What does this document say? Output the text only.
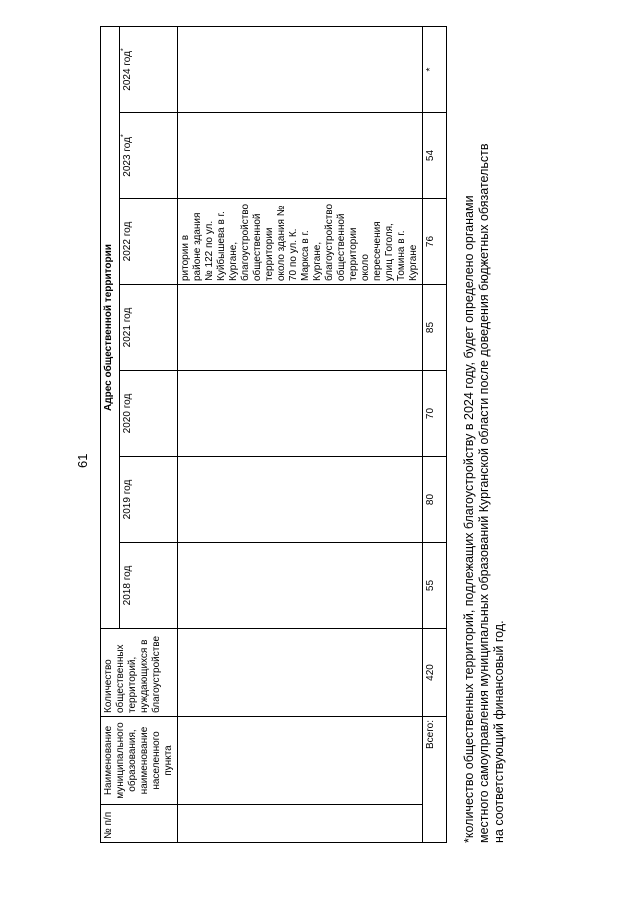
61
№ п/п	Наименование муниципального образования, наименование населенного пункта	Количество общественных территорий, нуждающихся в благоустройстве	Адрес общественной территории						
			2018 год	2019 год	2020 год	2021 год	2022 год	2023 год*	2024 год*
							ритории в районе здания № 122 по ул. Куйбышева в г. Кургане, благоустройство общественной территории около здания № 70 по ул. К. Маркса в г. Кургане, благоустройство общественной территории около пересечения улиц Гоголя, Томина в г. Кургане		
Всего:		420	55	80	70	85	76	54	*
*количество общественных территорий, подлежащих благоустройству в 2024 году, будет определено органами местного самоуправления муниципальных образований Курганской области после доведения бюджетных обязательств на соответствующий финансовый год.
